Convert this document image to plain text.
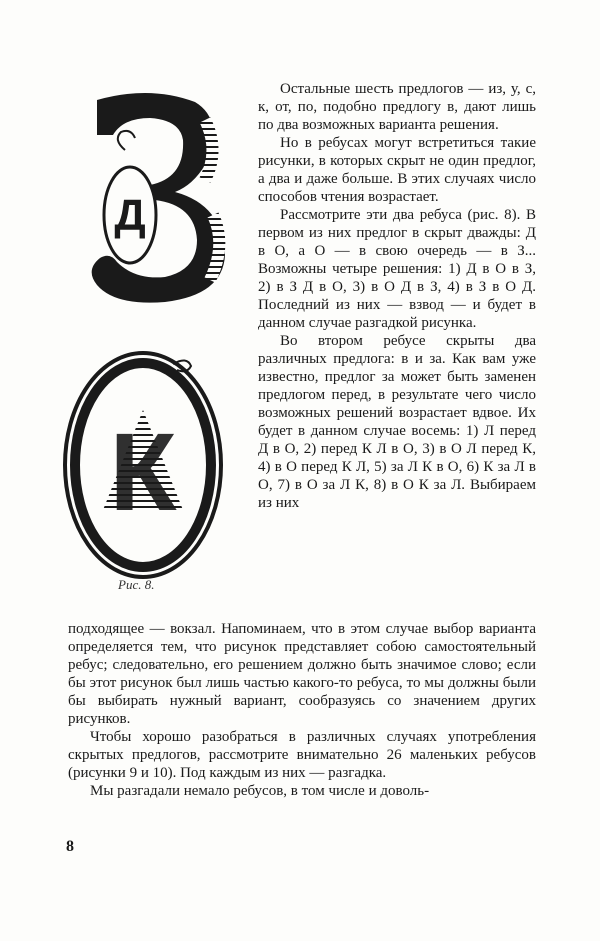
Д
К
Рис. 8.

Остальные шесть предлогов — из, у, с, к, от, по, подобно предлогу в, дают лишь по два возможных варианта решения.

Но в ребусах могут встретиться такие рисунки, в которых скрыт не один предлог, а два и даже больше. В этих случаях число способов чтения возрастает.

Рассмотрите эти два ребуса (рис. 8). В первом из них предлог в скрыт дважды: Д в О, а О — в свою очередь — в З... Возможны четыре решения: 1) Д в О в З, 2) в З Д в О, 3) в О Д в З, 4) в З в О Д. Последний из них — взвод — и будет в данном случае разгадкой рисунка.

Во втором ребусе скрыты два различных предлога: в и за. Как вам уже известно, предлог за может быть заменен предлогом перед, в результате чего число возможных решений возрастает вдвое. Их будет в данном случае восемь: 1) Л перед Д в О, 2) перед К Л в О, 3) в О Л перед К, 4) в О перед К Л, 5) за Л К в О, 6) К за Л в О, 7) в О за Л К, 8) в О К за Л. Выбираем из них

подходящее — вокзал. Напоминаем, что в этом случае выбор варианта определяется тем, что рисунок представляет собою самостоятельный ребус; следовательно, его решением должно быть значимое слово; если бы этот рисунок был лишь частью какого-то ребуса, то мы должны были бы выбирать нужный вариант, сообразуясь со значением других рисунков.

Чтобы хорошо разобраться в различных случаях употребления скрытых предлогов, рассмотрите внимательно 26 маленьких ребусов (рисунки 9 и 10). Под каждым из них — разгадка.

Мы разгадали немало ребусов, в том числе и доволь-

8
